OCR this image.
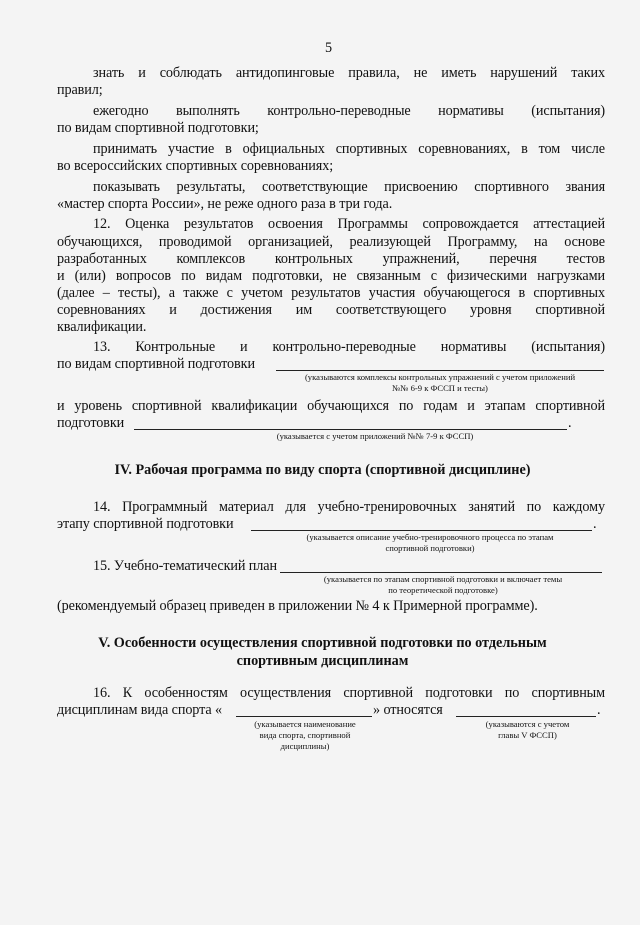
5
знать и соблюдать антидопинговые правила, не иметь нарушений таких
правил;
ежегодно выполнять контрольно-переводные нормативы (испытания)
по видам спортивной подготовки;
принимать участие в официальных спортивных соревнованиях, в том числе
во всероссийских спортивных соревнованиях;
показывать результаты, соответствующие присвоению спортивного звания
«мастер спорта России», не реже одного раза в три года.
12. Оценка результатов освоения Программы сопровождается аттестацией
обучающихся, проводимой организацией, реализующей Программу, на основе
разработанных комплексов контрольных упражнений, перечня тестов
и (или) вопросов по видам подготовки, не связанным с физическими нагрузками
(далее – тесты), а также с учетом результатов участия обучающегося в спортивных
соревнованиях и достижения им соответствующего уровня спортивной
квалификации.
13. Контрольные и контрольно-переводные нормативы (испытания)
по видам спортивной подготовки
(указываются комплексы контрольных упражнений с учетом приложений
№№ 6-9 к ФССП и тесты)
и уровень спортивной квалификации обучающихся по годам и этапам спортивной
подготовки	.
(указывается с учетом приложений №№ 7-9 к ФССП)
IV. Рабочая программа по виду спорта (спортивной дисциплине)
14. Программный материал для учебно-тренировочных занятий по каждому
этапу спортивной подготовки	.
(указывается описание учебно-тренировочного процесса по этапам
спортивной подготовки)
15. Учебно-тематический план
(указывается по этапам спортивной подготовки и включает темы
по теоретической подготовке)
(рекомендуемый образец приведен в приложении № 4 к Примерной программе).
V. Особенности осуществления спортивной подготовки по отдельным
спортивным дисциплинам
16. К особенностям осуществления спортивной подготовки по спортивным
дисциплинам вида спорта «	» относятся	.
(указывается наименование
вида спорта, спортивной
дисциплины)
(указываются с учетом
главы V ФССП)
